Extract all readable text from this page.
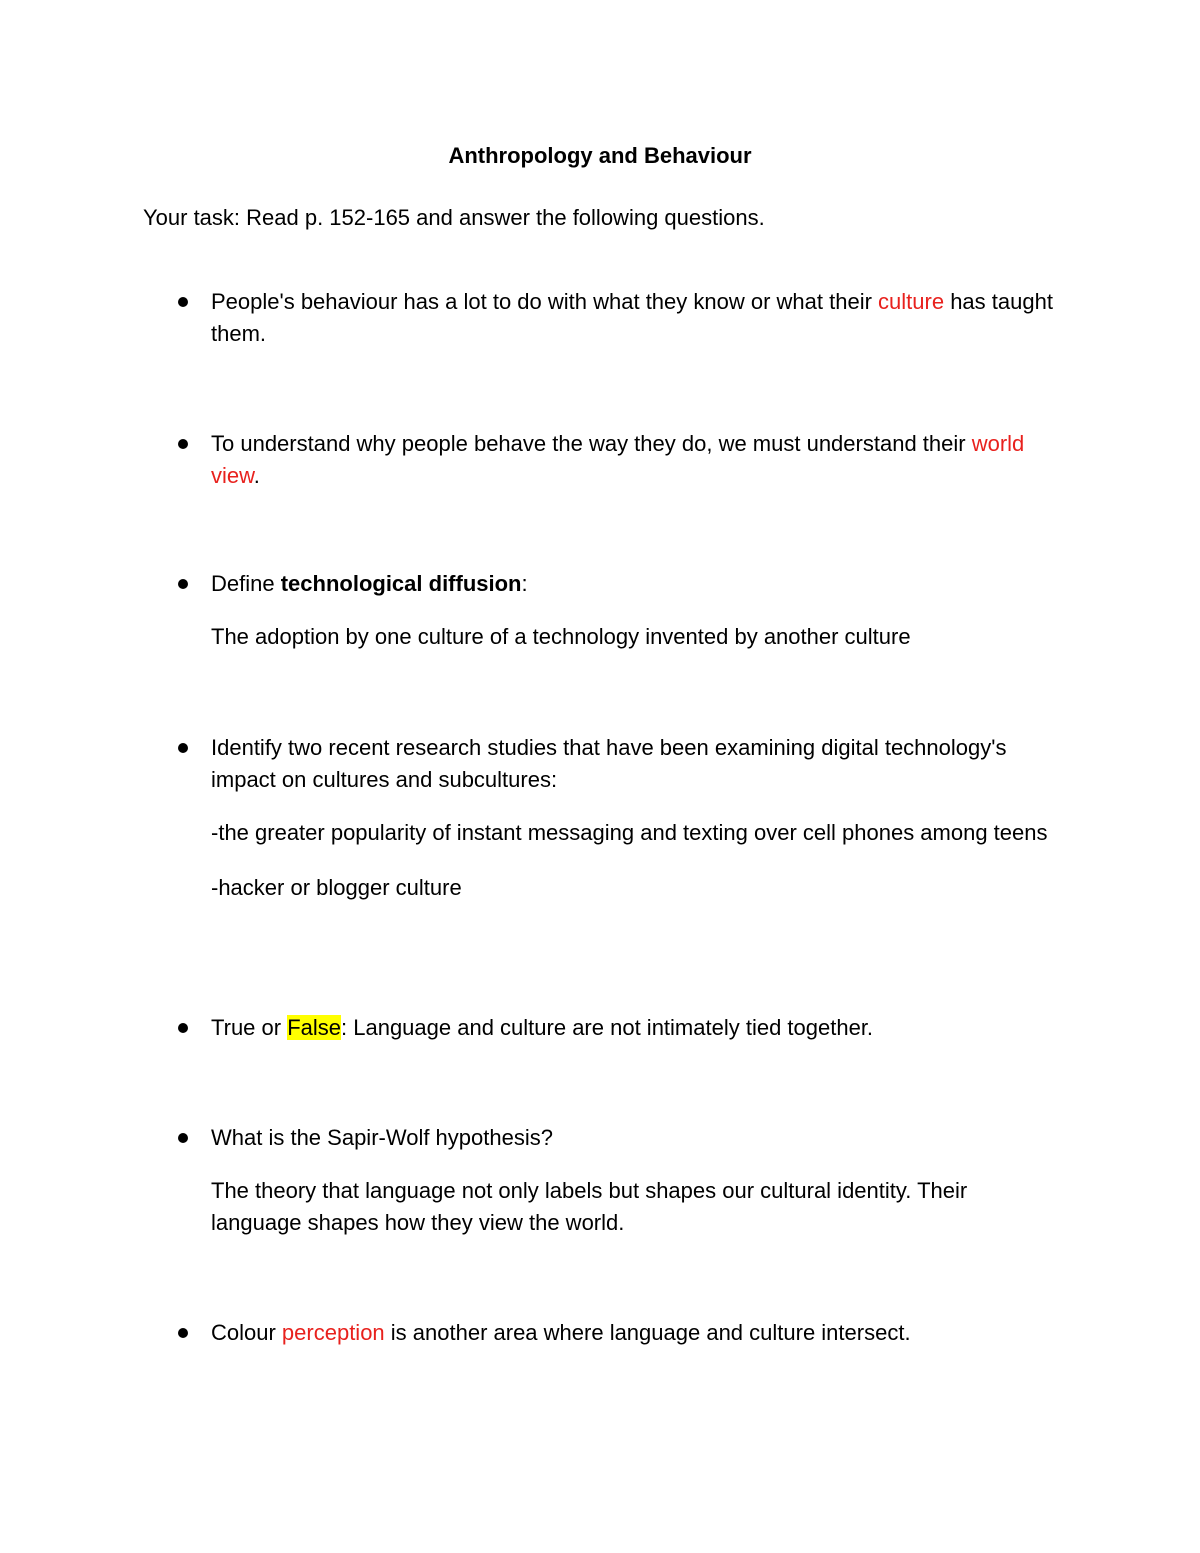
Anthropology and Behaviour
Your task: Read p. 152-165 and answer the following questions.
People's behaviour has a lot to do with what they know or what their culture has taught them.
To understand why people behave the way they do, we must understand their world view.
Define technological diffusion:
The adoption by one culture of a technology invented by another culture
Identify two recent research studies that have been examining digital technology's impact on cultures and subcultures:
-the greater popularity of instant messaging and texting over cell phones among teens
-hacker or blogger culture
True or False: Language and culture are not intimately tied together.
What is the Sapir-Wolf hypothesis?
The theory that language not only labels but shapes our cultural identity. Their language shapes how they view the world.
Colour perception is another area where language and culture intersect.
